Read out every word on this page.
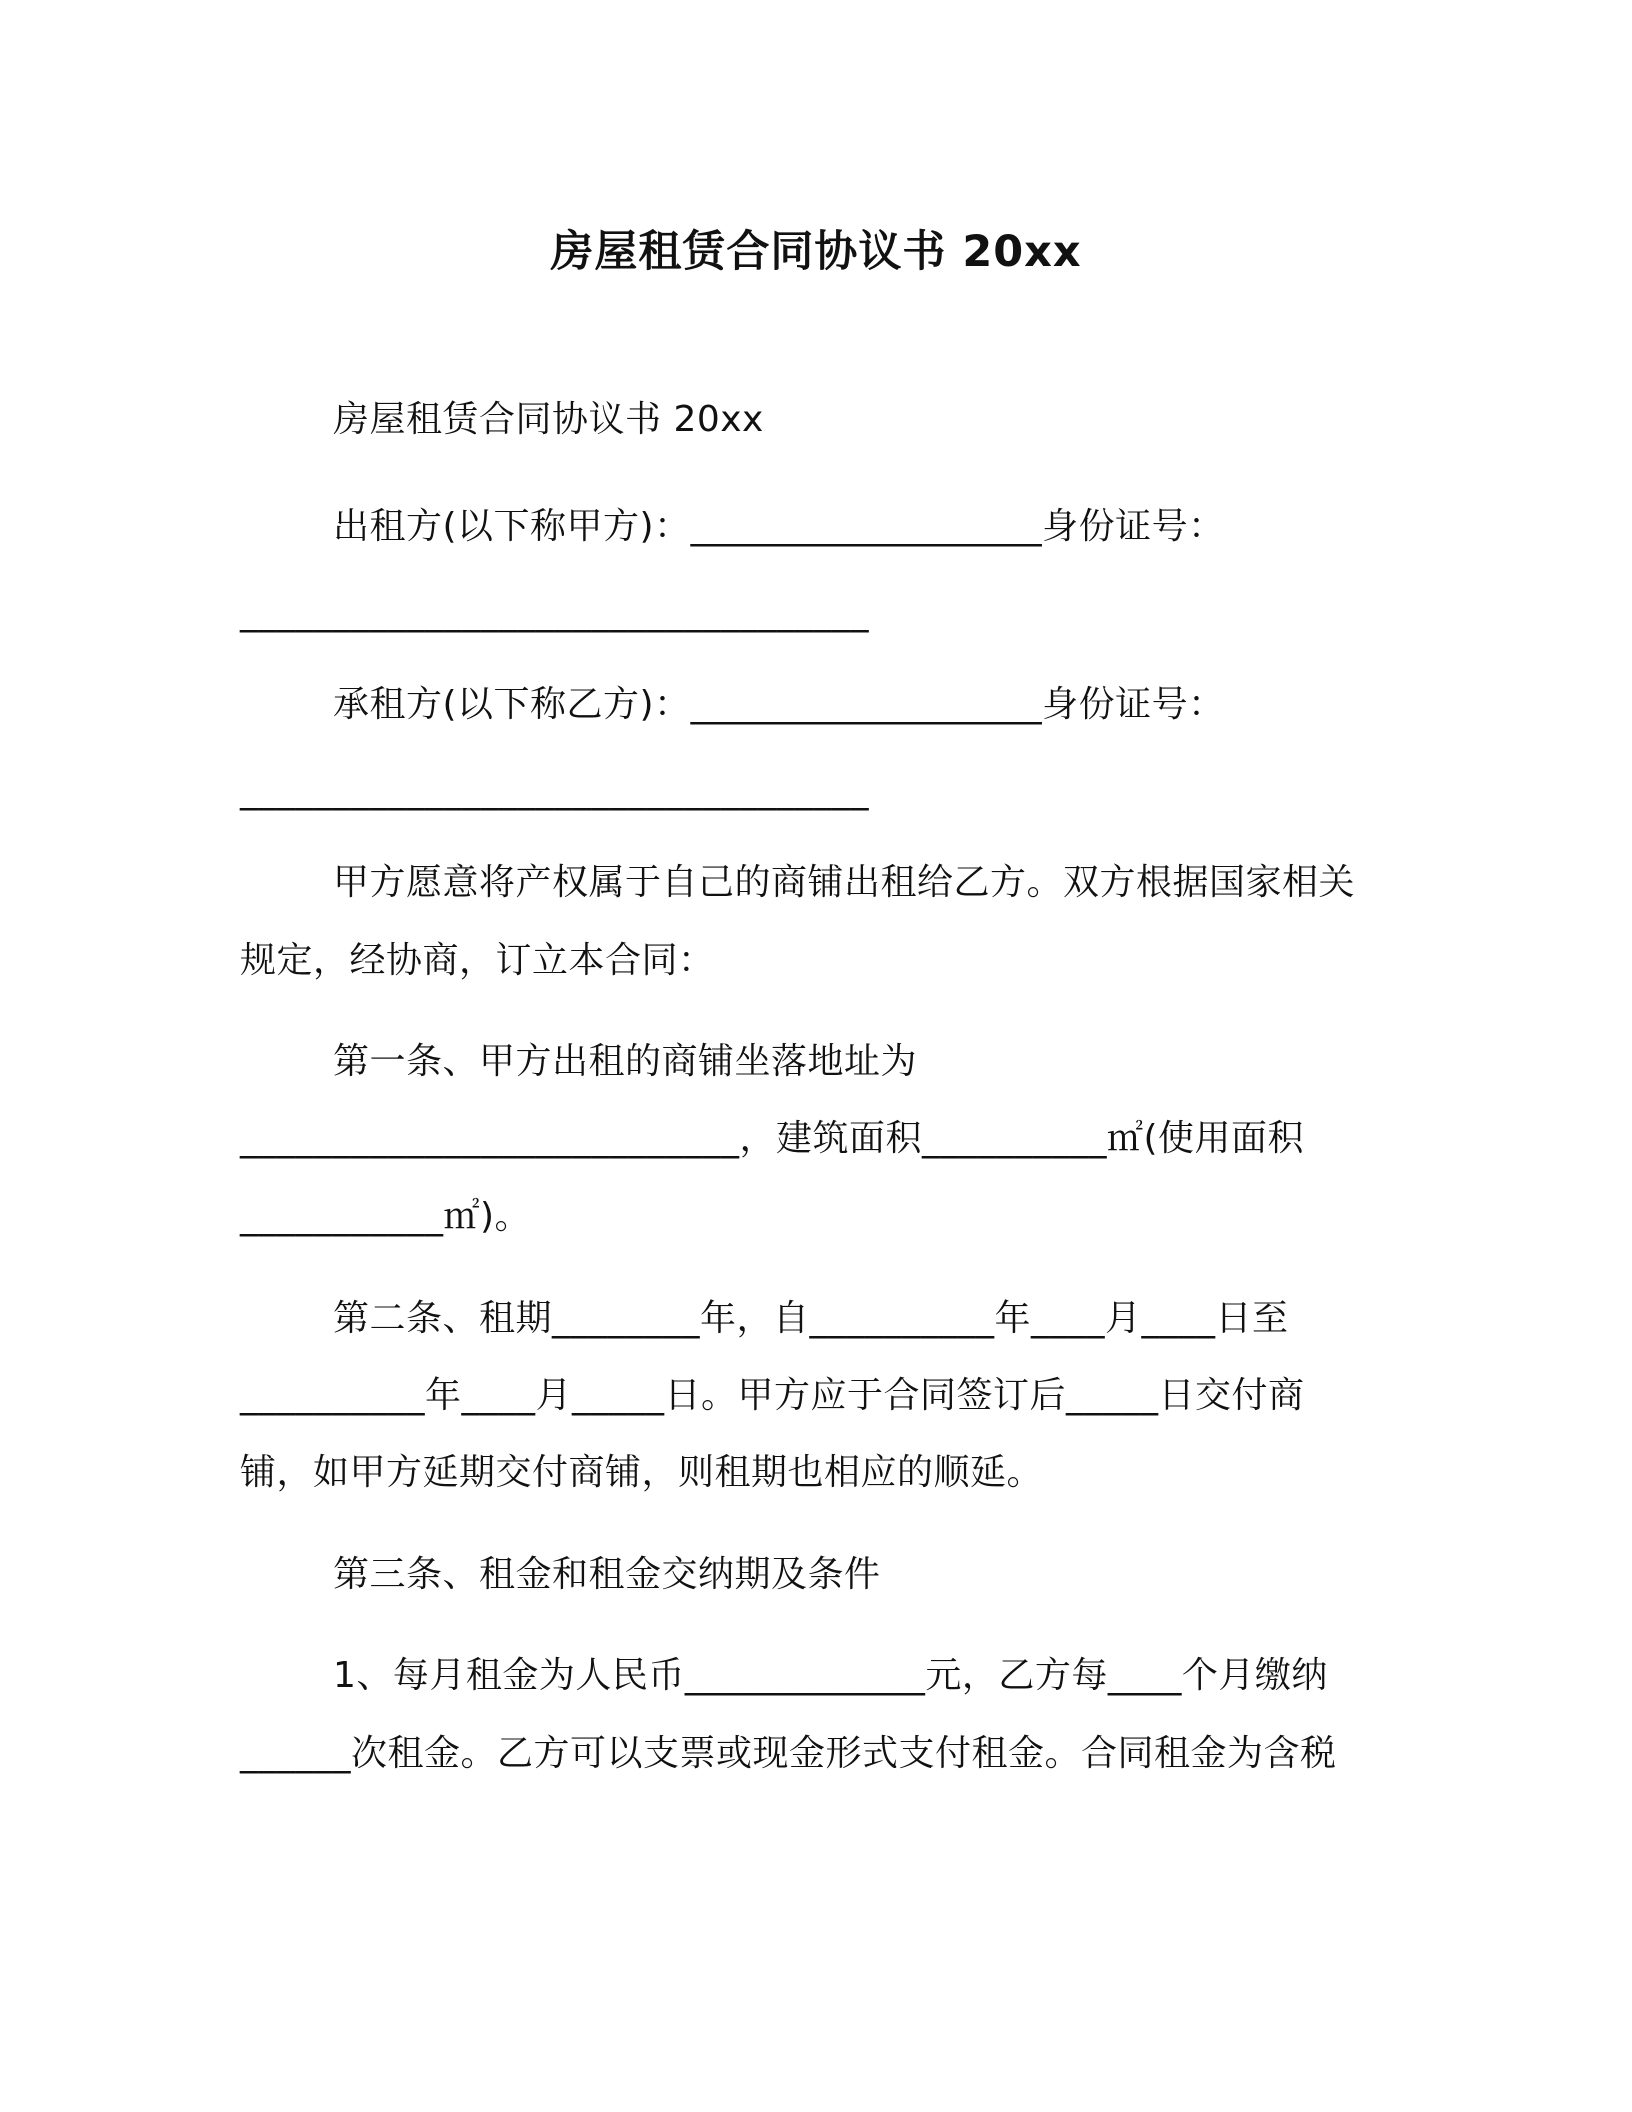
房屋租赁合同协议书 20xx
房屋租赁合同协议书 20xx
出租方(以下称甲方)：___________________身份证号：
__________________________________
承租方(以下称乙方)：___________________身份证号：
__________________________________
甲方愿意将产权属于自己的商铺出租给乙方。双方根据国家相关
规定，经协商，订立本合同：
第一条、甲方出租的商铺坐落地址为
___________________________，建筑面积__________㎡(使用面积
___________㎡)。
第二条、租期________年，自__________年____月____日至
__________年____月_____日。甲方应于合同签订后_____日交付商
铺，如甲方延期交付商铺，则租期也相应的顺延。
第三条、租金和租金交纳期及条件
1、每月租金为人民币_____________元，乙方每____个月缴纳
______次租金。乙方可以支票或现金形式支付租金。合同租金为含税
